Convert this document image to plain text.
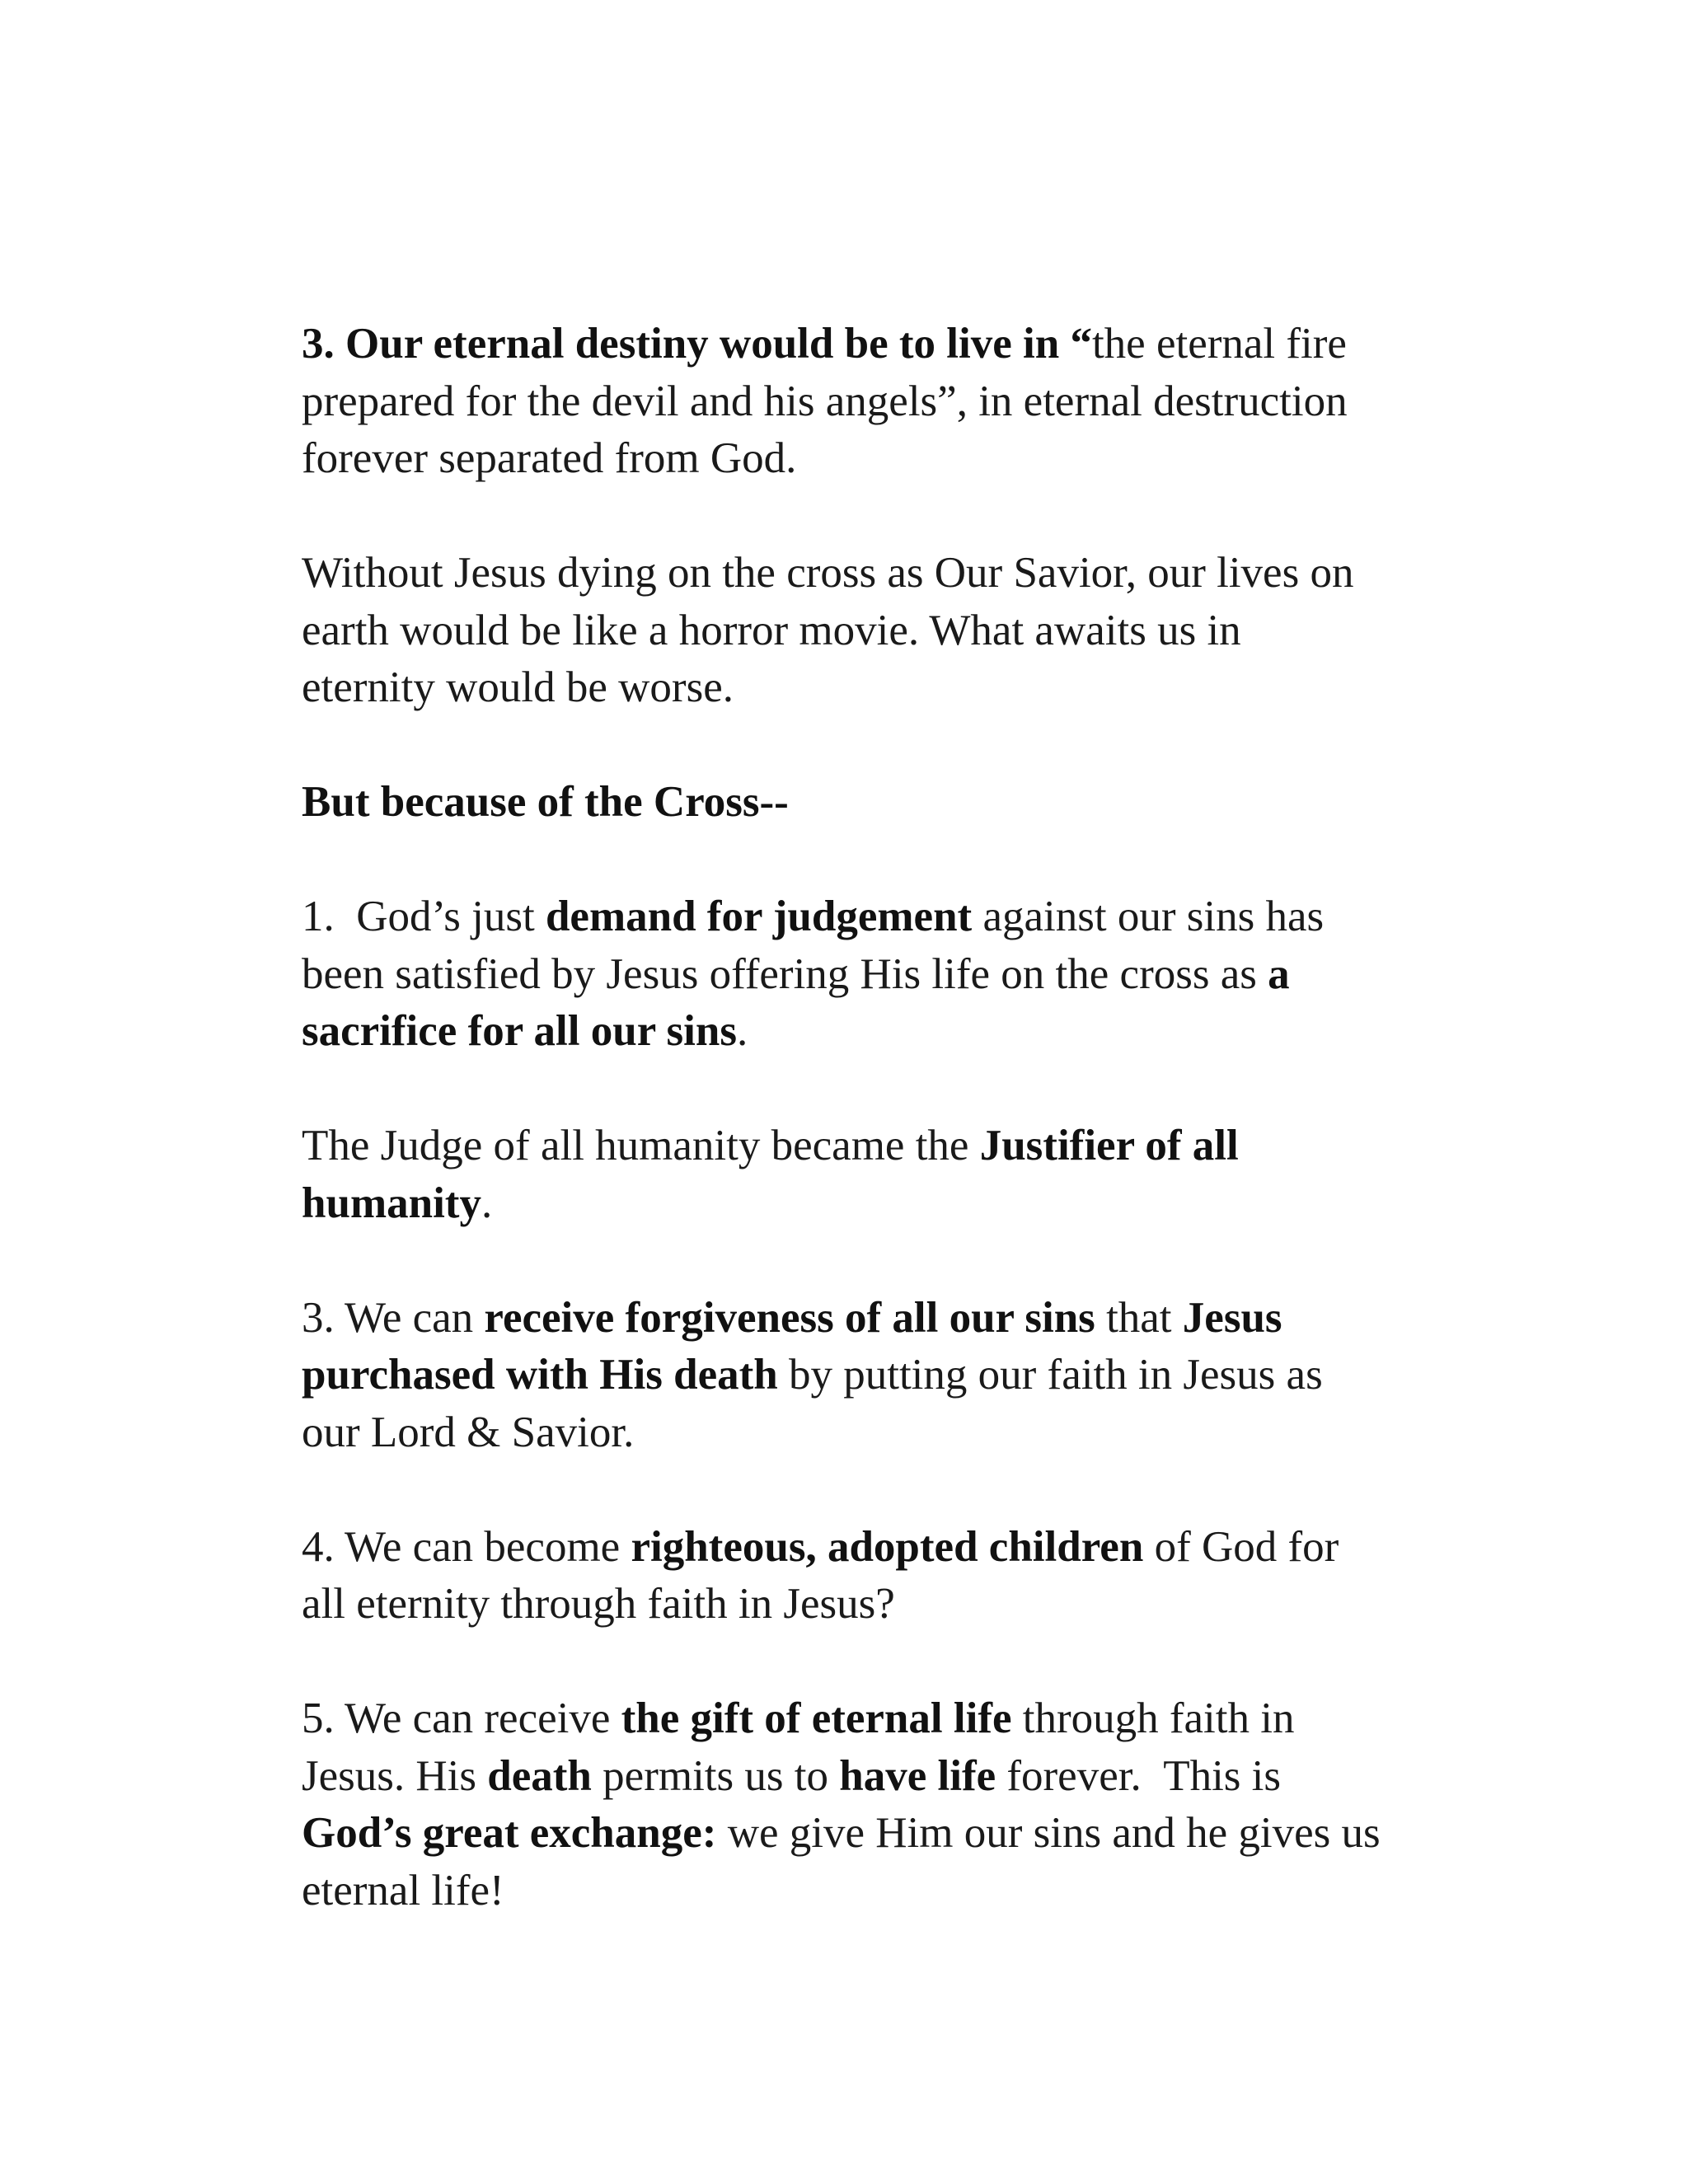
3. Our eternal destiny would be to live in “the eternal fire
prepared for the devil and his angels”, in eternal destruction
forever separated from God.

Without Jesus dying on the cross as Our Savior, our lives on
earth would be like a horror movie. What awaits us in
eternity would be worse.

But because of the Cross--

1.  God’s just demand for judgement against our sins has
been satisfied by Jesus offering His life on the cross as a
sacrifice for all our sins.

The Judge of all humanity became the Justifier of all
humanity.

3. We can receive forgiveness of all our sins that Jesus
purchased with His death by putting our faith in Jesus as
our Lord & Savior.

4. We can become righteous, adopted children of God for
all eternity through faith in Jesus?

5. We can receive the gift of eternal life through faith in
Jesus. His death permits us to have life forever.  This is
God’s great exchange: we give Him our sins and he gives us
eternal life!
